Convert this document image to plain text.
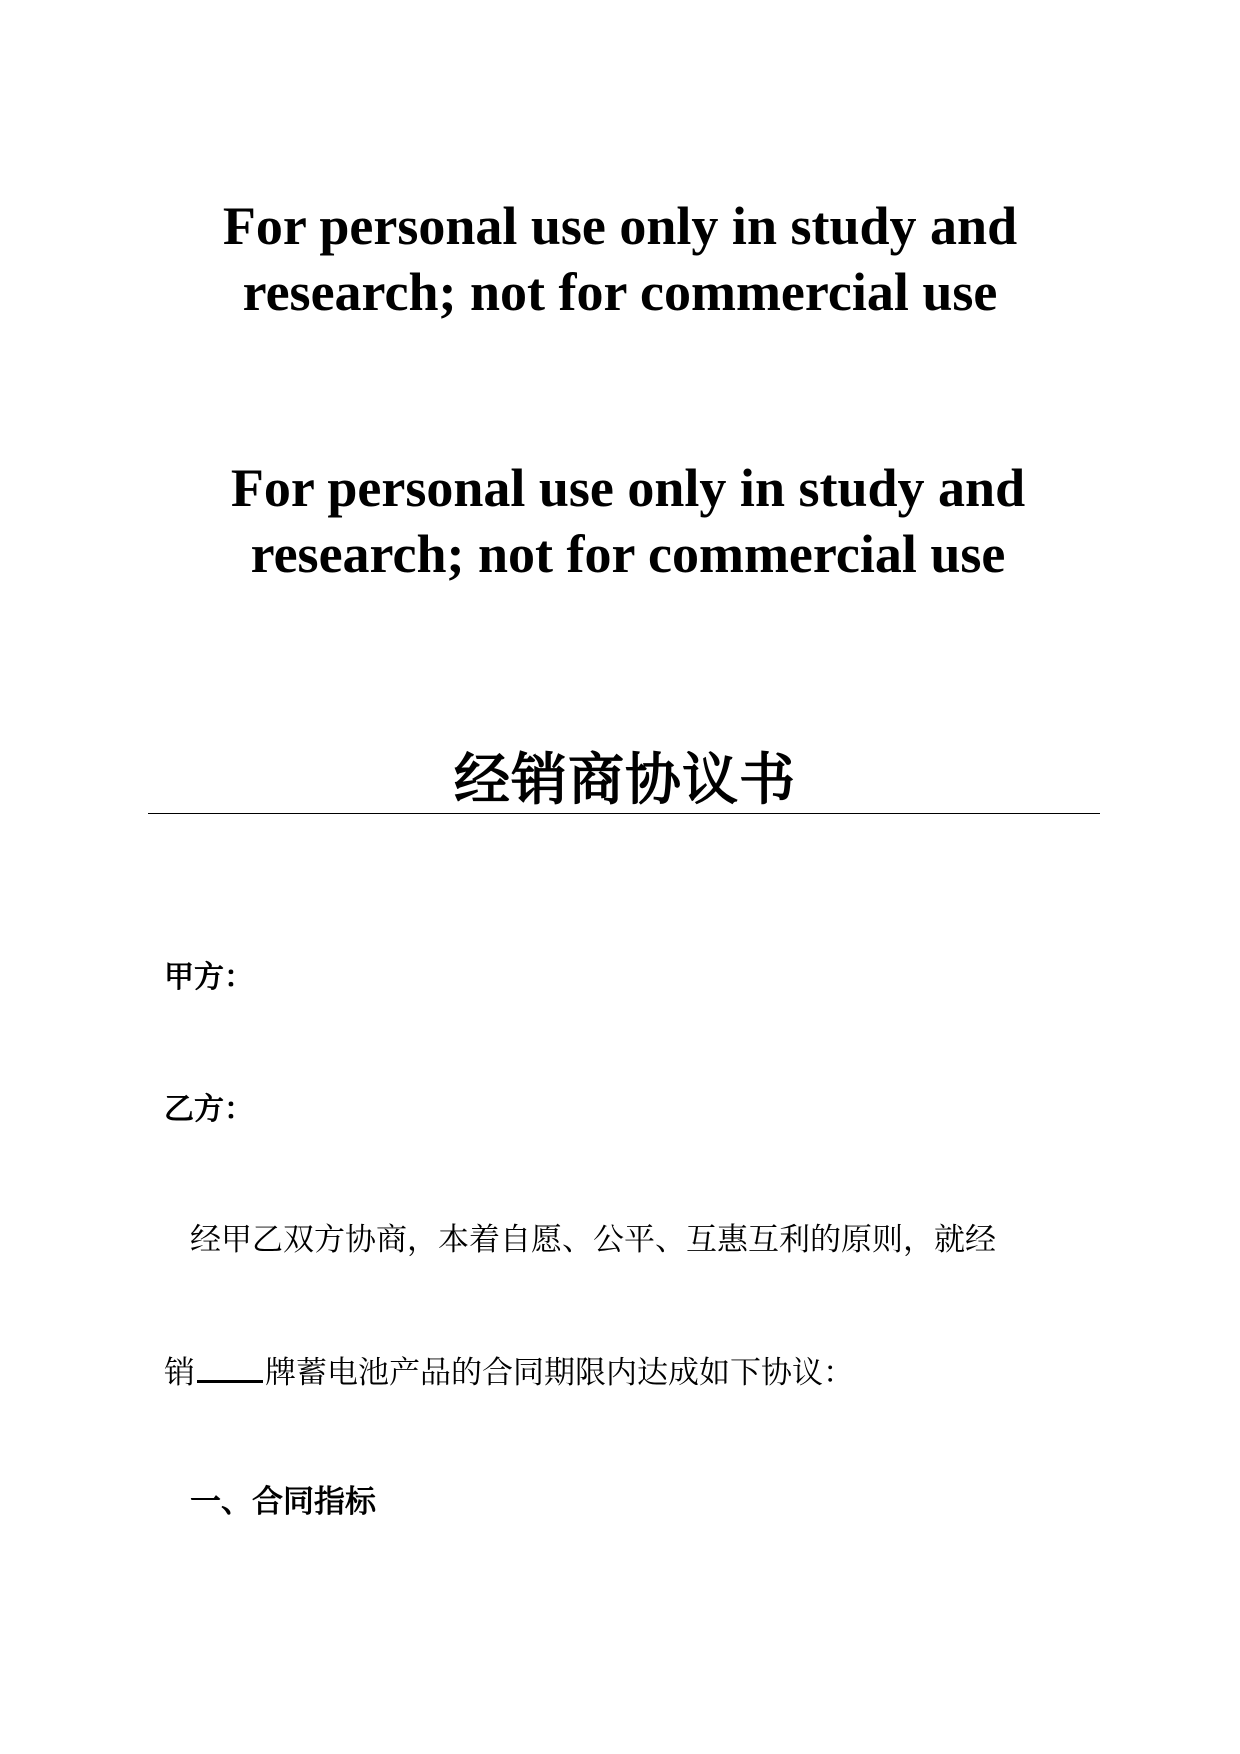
For personal use only in study and
research; not for commercial use
For personal use only in study and
research; not for commercial use
经销商协议书
甲方：
乙方：
经甲乙双方协商，本着自愿、公平、互惠互利的原则，就经
销 牌蓄电池产品的合同期限内达成如下协议：
一、合同指标
